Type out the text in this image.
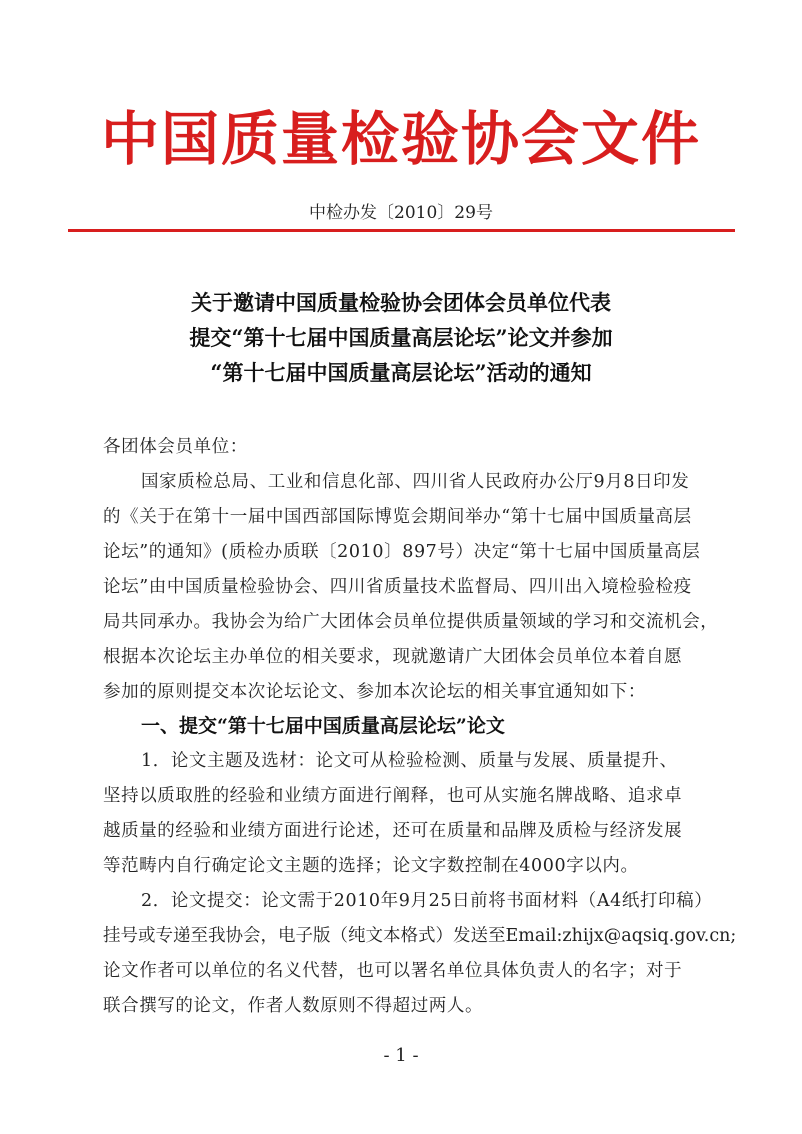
中国质量检验协会文件
中检办发〔2010〕29号
关于邀请中国质量检验协会团体会员单位代表
提交“第十七届中国质量高层论坛”论文并参加
“第十七届中国质量高层论坛”活动的通知
各团体会员单位：
国家质检总局、工业和信息化部、四川省人民政府办公厅9月8日印发
的《关于在第十一届中国西部国际博览会期间举办“第十七届中国质量高层
论坛”的通知》(质检办质联〔2010〕897号）决定“第十七届中国质量高层
论坛”由中国质量检验协会、四川省质量技术监督局、四川出入境检验检疫
局共同承办。我协会为给广大团体会员单位提供质量领域的学习和交流机会，
根据本次论坛主办单位的相关要求，现就邀请广大团体会员单位本着自愿
参加的原则提交本次论坛论文、参加本次论坛的相关事宜通知如下：
一、提交“第十七届中国质量高层论坛”论文
1．论文主题及选材：论文可从检验检测、质量与发展、质量提升、
坚持以质取胜的经验和业绩方面进行阐释，也可从实施名牌战略、追求卓
越质量的经验和业绩方面进行论述，还可在质量和品牌及质检与经济发展
等范畴内自行确定论文主题的选择；论文字数控制在4000字以内。
2．论文提交：论文需于2010年9月25日前将书面材料（A4纸打印稿）
挂号或专递至我协会，电子版（纯文本格式）发送至Email:zhijx@aqsiq.gov.cn;
论文作者可以单位的名义代替，也可以署名单位具体负责人的名字；对于
联合撰写的论文，作者人数原则不得超过两人。
- 1 -
